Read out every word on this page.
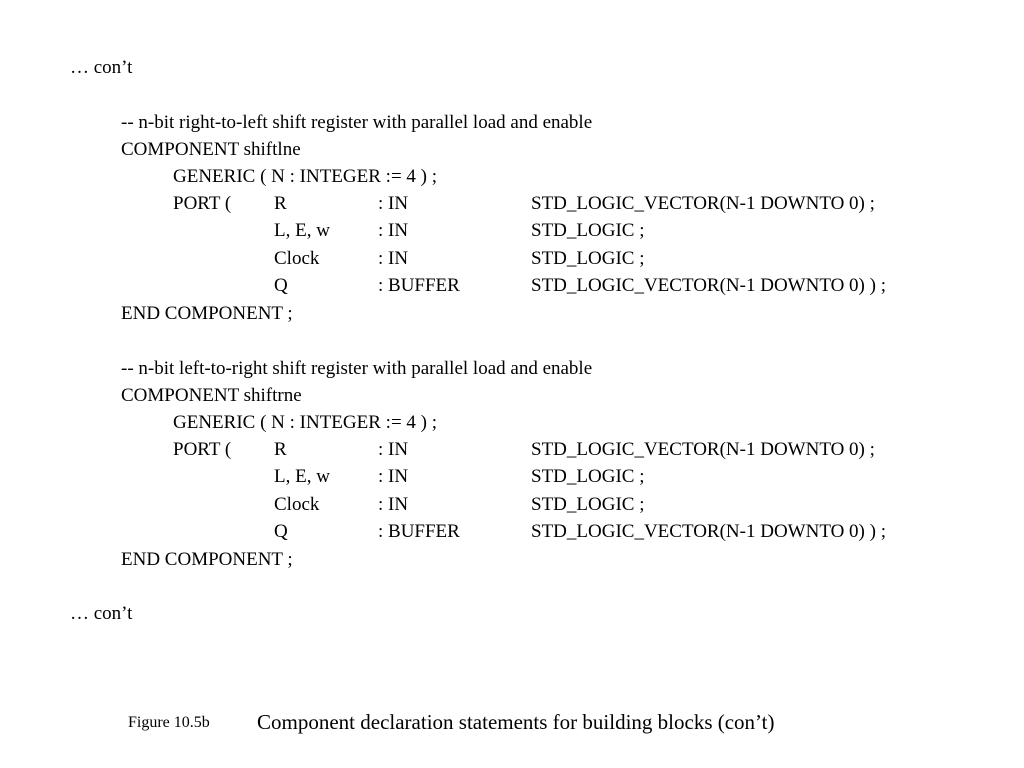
… con’t
-- n-bit right-to-left shift register with parallel load and enable
COMPONENT shiftlne
GENERIC ( N : INTEGER := 4 ) ;
PORT ( R	: IN	STD_LOGIC_VECTOR(N-1 DOWNTO 0) ;
L, E, w	: IN	STD_LOGIC ;
Clock	: IN	STD_LOGIC ;
Q	: BUFFER	STD_LOGIC_VECTOR(N-1 DOWNTO 0) ) ;
END COMPONENT ;
-- n-bit left-to-right shift register with parallel load and enable
COMPONENT shiftrne
GENERIC ( N : INTEGER := 4 ) ;
PORT ( R	: IN	STD_LOGIC_VECTOR(N-1 DOWNTO 0) ;
L, E, w	: IN	STD_LOGIC ;
Clock	: IN	STD_LOGIC ;
Q	: BUFFER	STD_LOGIC_VECTOR(N-1 DOWNTO 0) ) ;
END COMPONENT ;
… con’t
Figure 10.5b Component declaration statements for building blocks (con’t)
